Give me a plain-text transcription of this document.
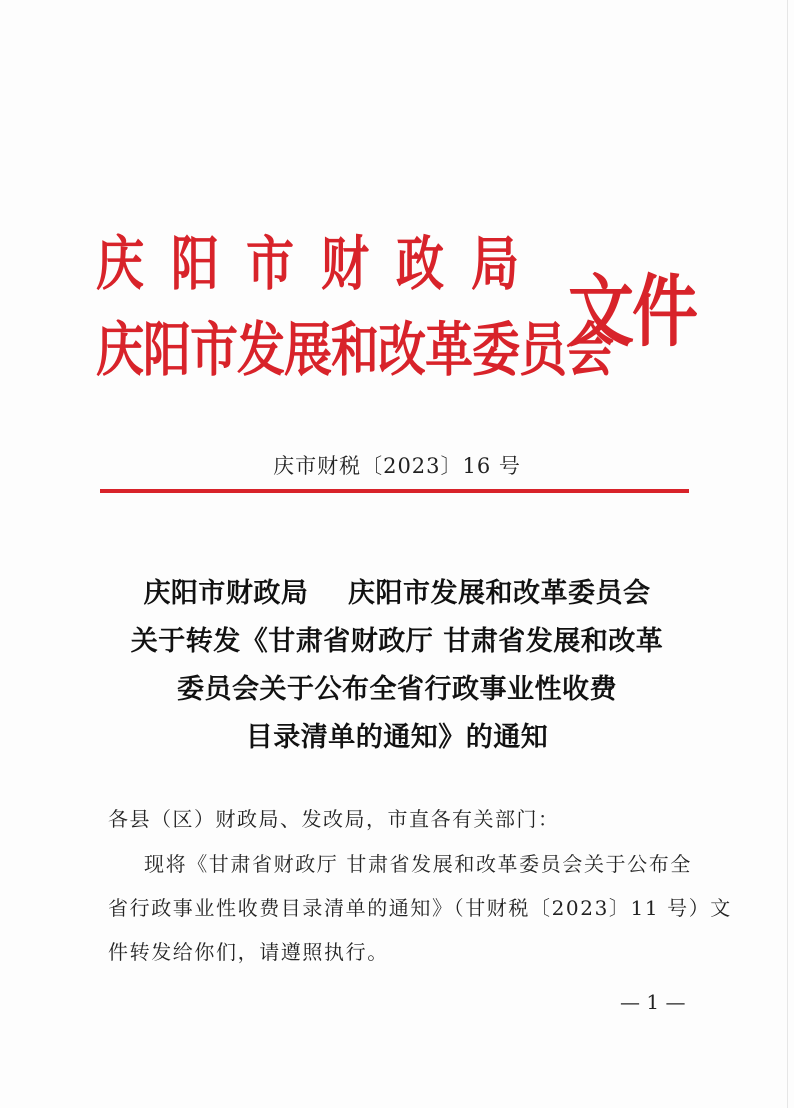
庆阳市财政局
庆阳市发展和改革委员会
文件
庆市财税〔2023〕16 号
庆阳市财政局    庆阳市发展和改革委员会
关于转发《甘肃省财政厅 甘肃省发展和改革
委员会关于公布全省行政事业性收费
目录清单的通知》的通知
各县（区）财政局、发改局，市直各有关部门：
现将《甘肃省财政厅 甘肃省发展和改革委员会关于公布全
省行政事业性收费目录清单的通知》（甘财税〔2023〕11 号）文
件转发给你们，请遵照执行。
— 1 —
